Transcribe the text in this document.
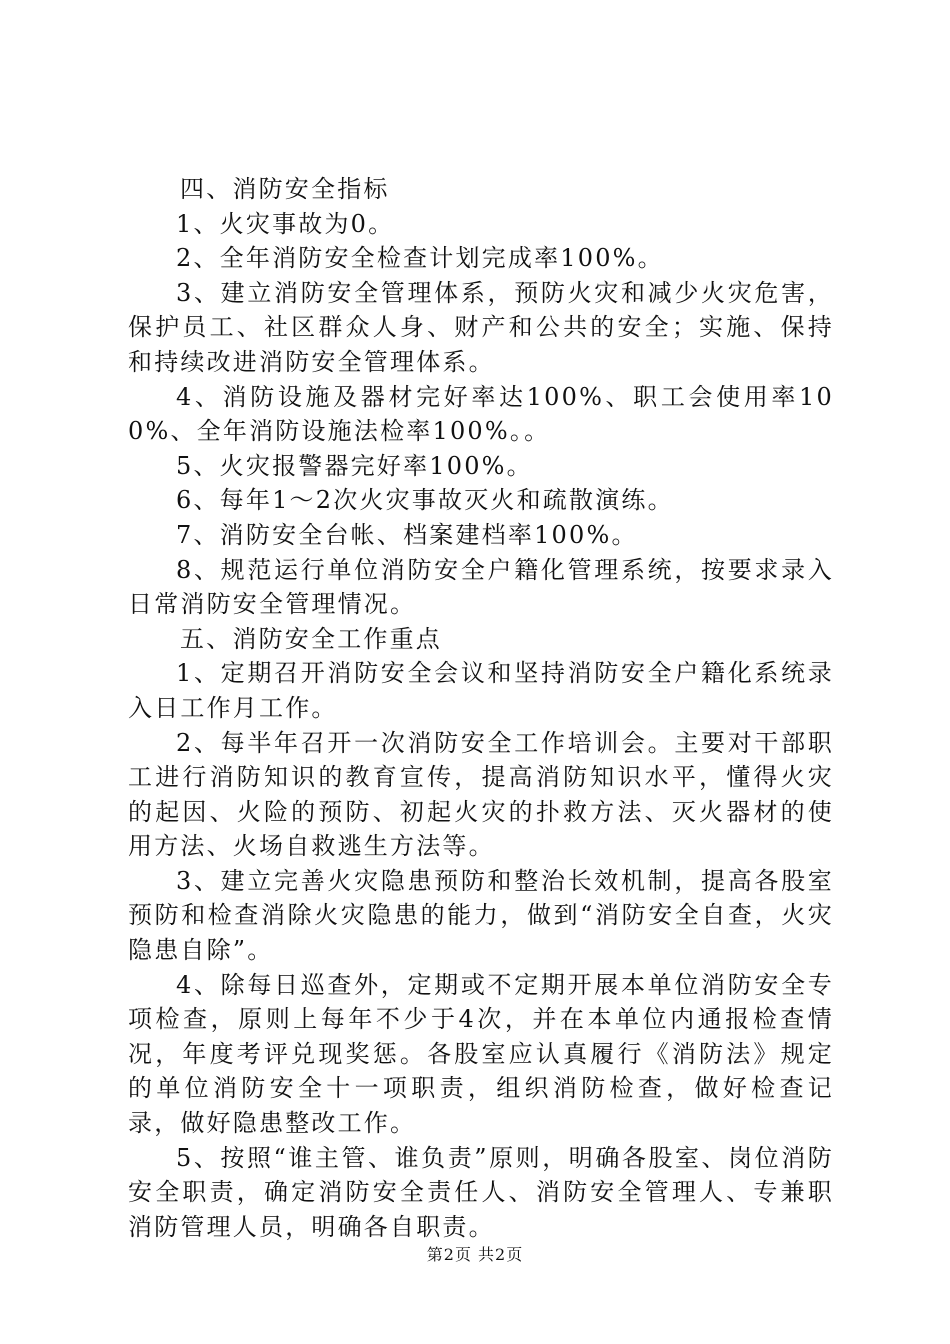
四、消防安全指标

1、火灾事故为0。

2、全年消防安全检查计划完成率100%。

3、建立消防安全管理体系，预防火灾和减少火灾危害，保护员工、社区群众人身、财产和公共的安全；实施、保持和持续改进消防安全管理体系。

4、消防设施及器材完好率达100%、职工会使用率100%、全年消防设施法检率100%。。

5、火灾报警器完好率100%。

6、每年1～2次火灾事故灭火和疏散演练。

7、消防安全台帐、档案建档率100%。

8、规范运行单位消防安全户籍化管理系统，按要求录入日常消防安全管理情况。

五、消防安全工作重点

1、定期召开消防安全会议和坚持消防安全户籍化系统录入日工作月工作。

2、每半年召开一次消防安全工作培训会。主要对干部职工进行消防知识的教育宣传，提高消防知识水平，懂得火灾的起因、火险的预防、初起火灾的扑救方法、灭火器材的使用方法、火场自救逃生方法等。

3、建立完善火灾隐患预防和整治长效机制，提高各股室预防和检查消除火灾隐患的能力，做到“消防安全自查，火灾隐患自除”。

4、除每日巡查外，定期或不定期开展本单位消防安全专项检查，原则上每年不少于4次，并在本单位内通报检查情况，年度考评兑现奖惩。各股室应认真履行《消防法》规定的单位消防安全十一项职责，组织消防检查，做好检查记录，做好隐患整改工作。

5、按照“谁主管、谁负责”原则，明确各股室、岗位消防安全职责，确定消防安全责任人、消防安全管理人、专兼职消防管理人员，明确各自职责。

第2页 共2页
